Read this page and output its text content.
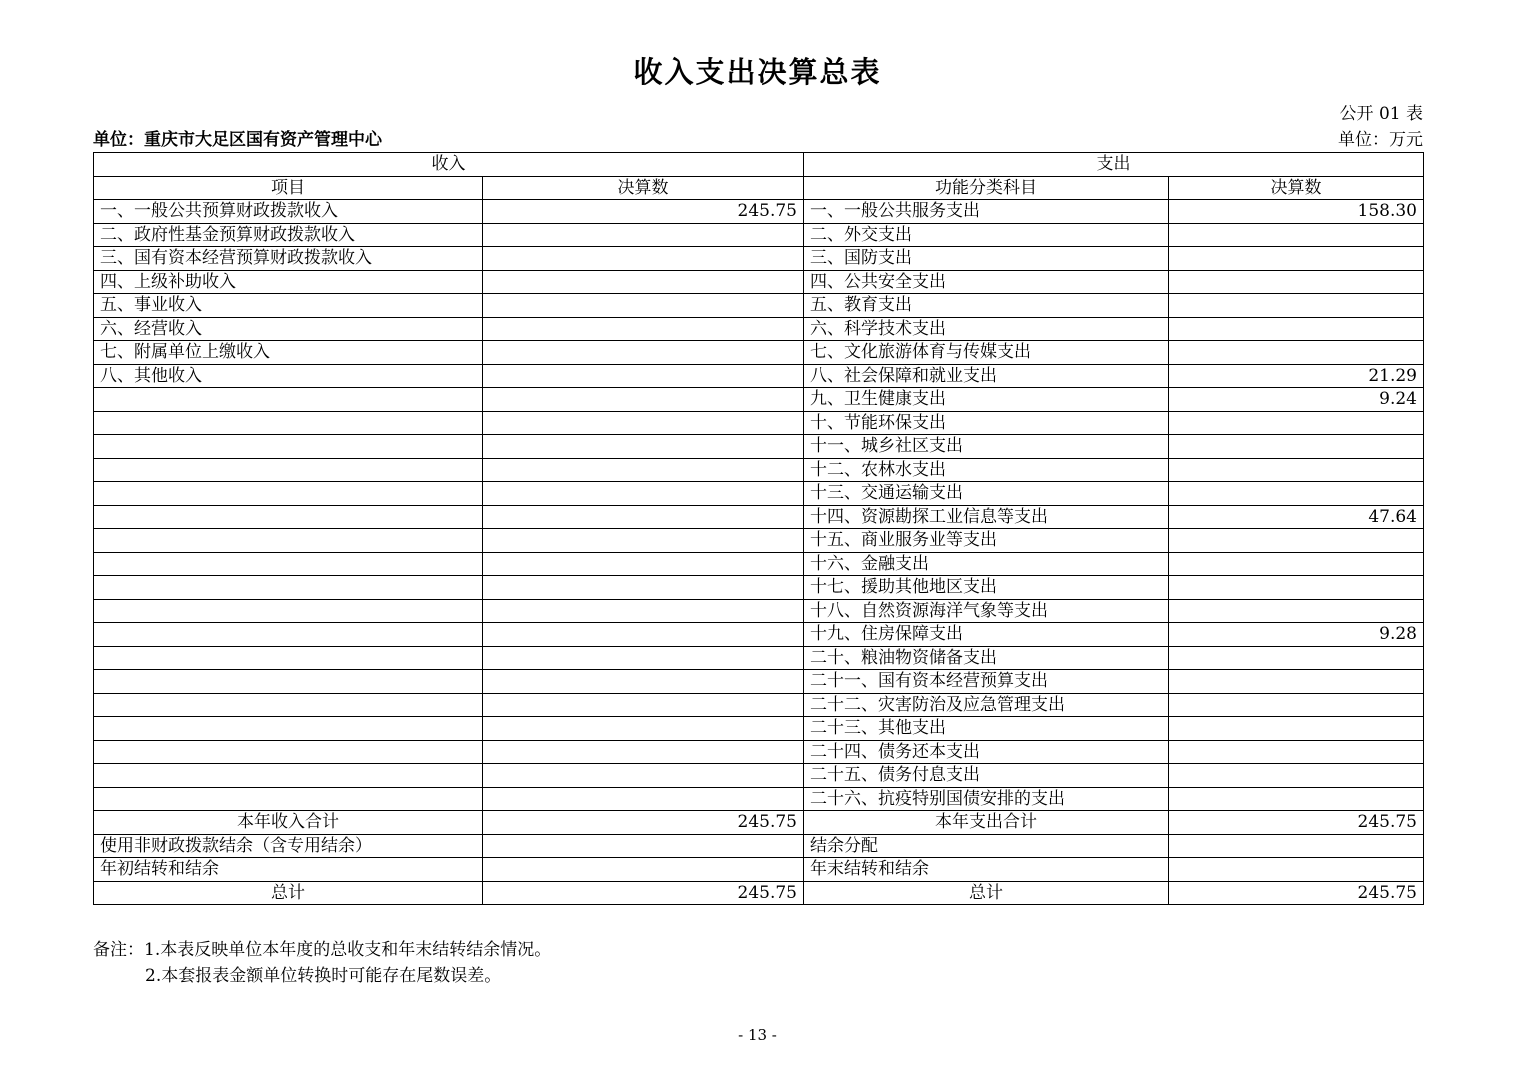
收入支出决算总表
公开 01 表
单位：重庆市大足区国有资产管理中心	单位：万元
收入		支出	
项目	决算数	功能分类科目	决算数
一、一般公共预算财政拨款收入	245.75	一、一般公共服务支出	158.30
二、政府性基金预算财政拨款收入		二、外交支出	
三、国有资本经营预算财政拨款收入		三、国防支出	
四、上级补助收入		四、公共安全支出	
五、事业收入		五、教育支出	
六、经营收入		六、科学技术支出	
七、附属单位上缴收入		七、文化旅游体育与传媒支出	
八、其他收入		八、社会保障和就业支出	21.29
		九、卫生健康支出	9.24
		十、节能环保支出	
		十一、城乡社区支出	
		十二、农林水支出	
		十三、交通运输支出	
		十四、资源勘探工业信息等支出	47.64
		十五、商业服务业等支出	
		十六、金融支出	
		十七、援助其他地区支出	
		十八、自然资源海洋气象等支出	
		十九、住房保障支出	9.28
		二十、粮油物资储备支出	
		二十一、国有资本经营预算支出	
		二十二、灾害防治及应急管理支出	
		二十三、其他支出	
		二十四、债务还本支出	
		二十五、债务付息支出	
		二十六、抗疫特别国债安排的支出	
本年收入合计	245.75	本年支出合计	245.75
使用非财政拨款结余（含专用结余）		结余分配	
年初结转和结余		年末结转和结余	
总计	245.75	总计	245.75
备注：1.本表反映单位本年度的总收支和年末结转结余情况。
2.本套报表金额单位转换时可能存在尾数误差。
- 13 -
